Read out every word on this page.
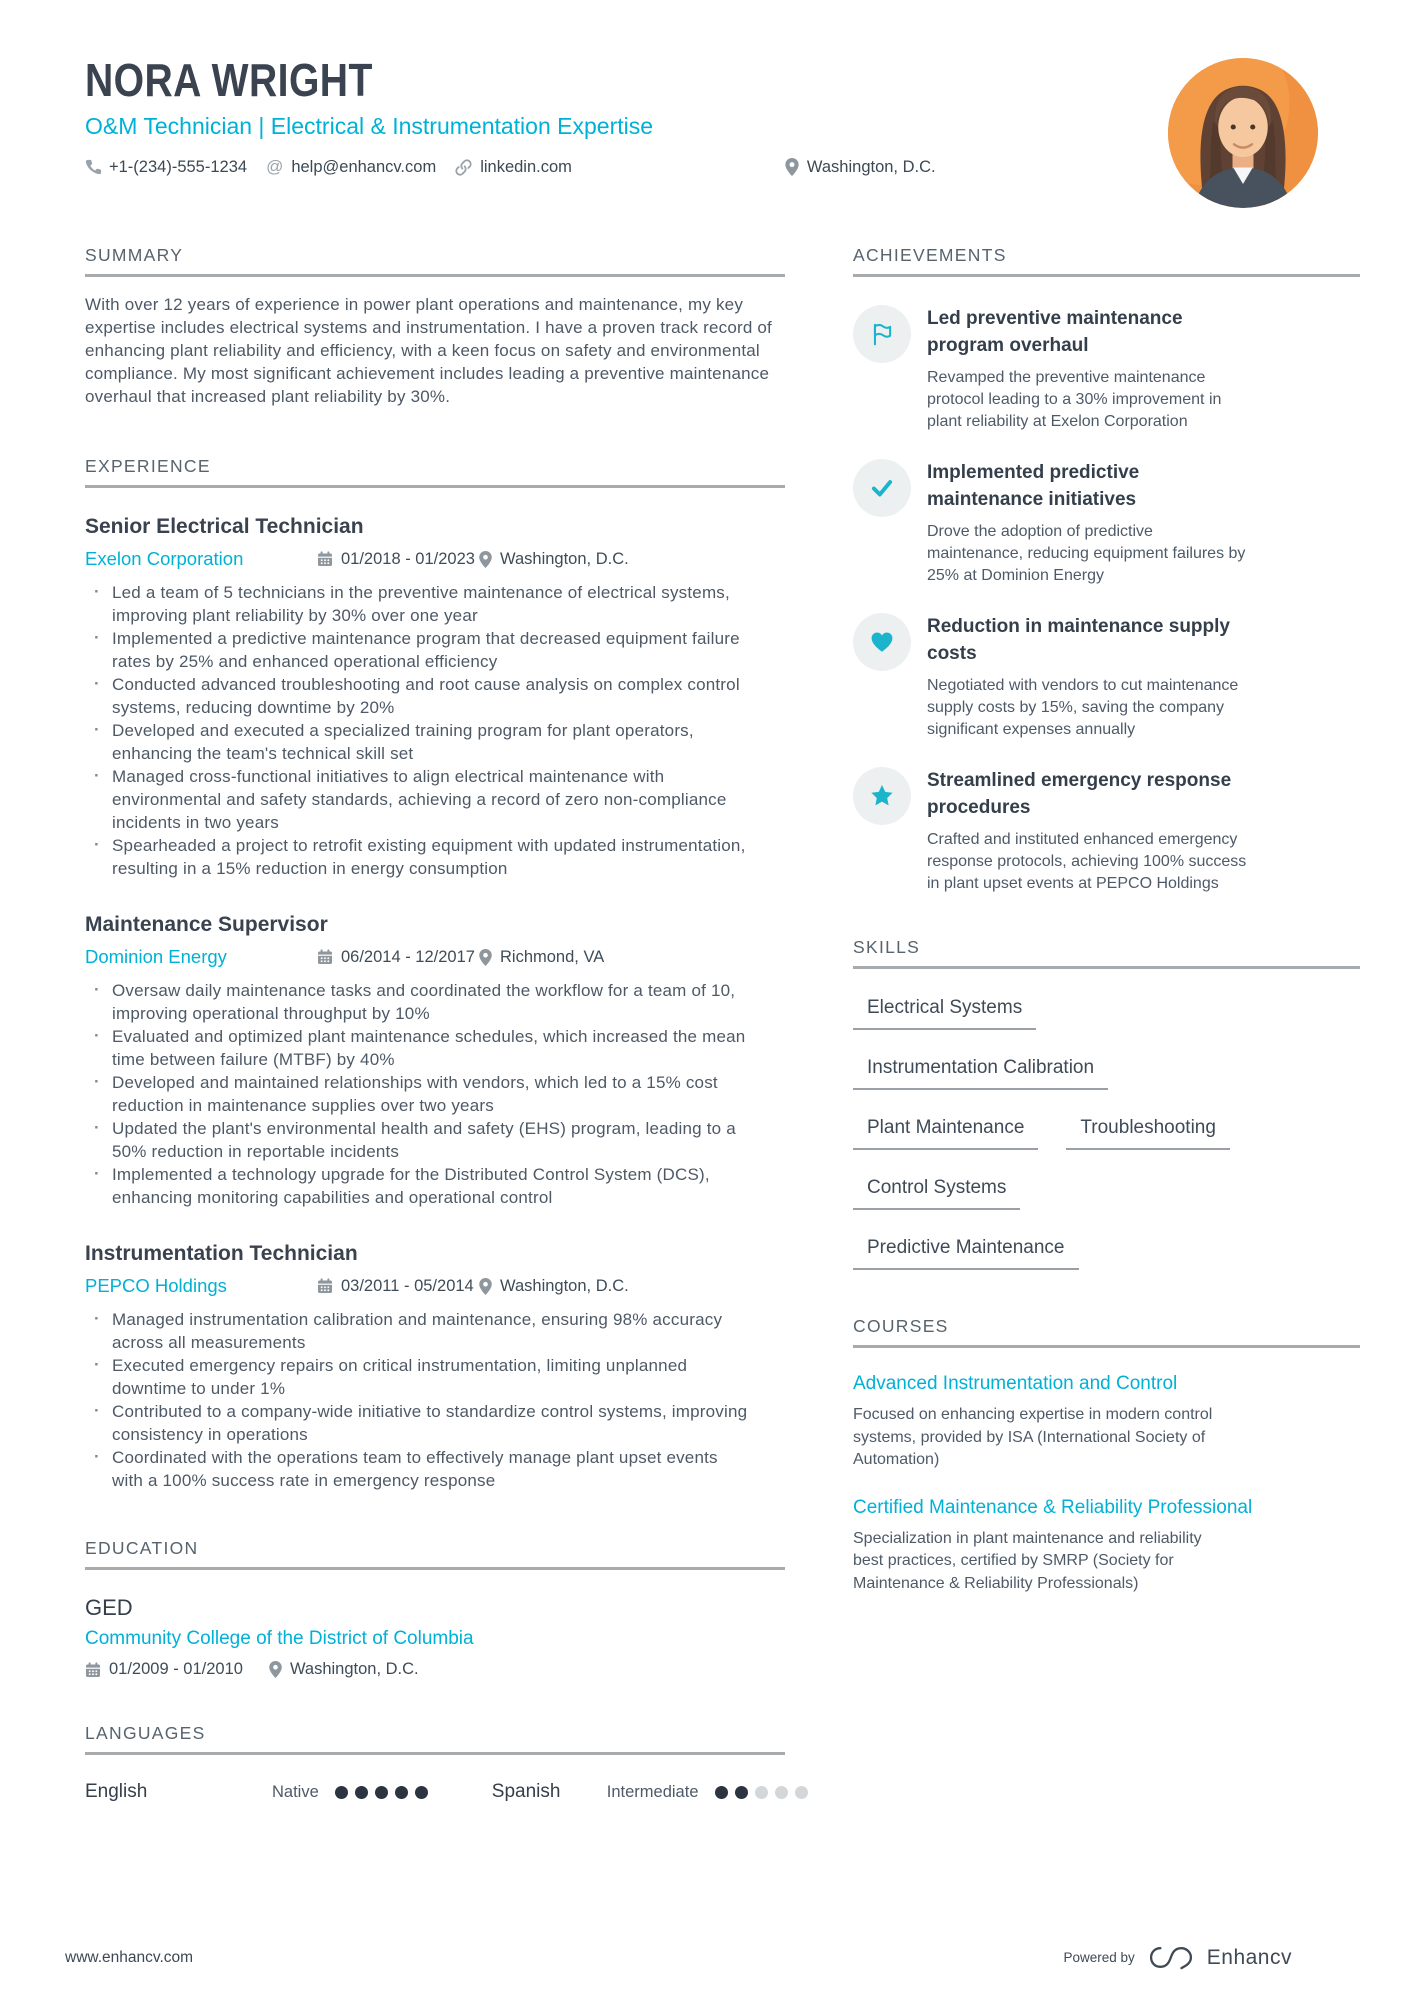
NORA WRIGHT
O&M Technician | Electrical & Instrumentation Expertise
+1-(234)-555-1234 @ help@enhancv.com	linkedin.com	Washington, D.C.
SUMMARY

With over 12 years of experience in power plant operations and maintenance, my key expertise includes electrical systems and instrumentation. I have a proven track record of enhancing plant reliability and efficiency, with a keen focus on safety and environmental compliance. My most significant achievement includes leading a preventive maintenance overhaul that increased plant reliability by 30%.

EXPERIENCE
Senior Electrical Technician
Exelon Corporation	01/2018 - 01/2023 Washington, D.C.
· Led a team of 5 technicians in the preventive maintenance of electrical systems, improving plant reliability by 30% over one year
· Implemented a predictive maintenance program that decreased equipment failure rates by 25% and enhanced operational efficiency
· Conducted advanced troubleshooting and root cause analysis on complex control systems, reducing downtime by 20%
· Developed and executed a specialized training program for plant operators, enhancing the team's technical skill set
· Managed cross-functional initiatives to align electrical maintenance with environmental and safety standards, achieving a record of zero non-compliance incidents in two years
· Spearheaded a project to retrofit existing equipment with updated instrumentation, resulting in a 15% reduction in energy consumption
Maintenance Supervisor
Dominion Energy	06/2014 - 12/2017 Richmond, VA
· Oversaw daily maintenance tasks and coordinated the workflow for a team of 10, improving operational throughput by 10%
· Evaluated and optimized plant maintenance schedules, which increased the mean time between failure (MTBF) by 40%
· Developed and maintained relationships with vendors, which led to a 15% cost reduction in maintenance supplies over two years
· Updated the plant's environmental health and safety (EHS) program, leading to a 50% reduction in reportable incidents
· Implemented a technology upgrade for the Distributed Control System (DCS), enhancing monitoring capabilities and operational control
Instrumentation Technician
PEPCO Holdings	03/2011 - 05/2014 Washington, D.C.
· Managed instrumentation calibration and maintenance, ensuring 98% accuracy across all measurements
· Executed emergency repairs on critical instrumentation, limiting unplanned downtime to under 1%
· Contributed to a company-wide initiative to standardize control systems, improving consistency in operations
· Coordinated with the operations team to effectively manage plant upset events with a 100% success rate in emergency response
EDUCATION
GED
Community College of the District of Columbia
01/2009 - 01/2010	Washington, D.C.
LANGUAGES
English	Native	Spanish	Intermediate
ACHIEVEMENTS
Led preventive maintenance program overhaul
Revamped the preventive maintenance protocol leading to a 30% improvement in plant reliability at Exelon Corporation
Implemented predictive maintenance initiatives
Drove the adoption of predictive maintenance, reducing equipment failures by 25% at Dominion Energy
Reduction in maintenance supply costs
Negotiated with vendors to cut maintenance supply costs by 15%, saving the company significant expenses annually
Streamlined emergency response procedures
Crafted and instituted enhanced emergency response protocols, achieving 100% success in plant upset events at PEPCO Holdings
SKILLS
Electrical Systems
Instrumentation Calibration
Plant Maintenance	Troubleshooting
Control Systems
Predictive Maintenance
COURSES
Advanced Instrumentation and Control
Focused on enhancing expertise in modern control systems, provided by ISA (International Society of Automation)
Certified Maintenance & Reliability Professional
Specialization in plant maintenance and reliability best practices, certified by SMRP (Society for Maintenance & Reliability Professionals)
www.enhancv.com	Powered by	Enhancv
